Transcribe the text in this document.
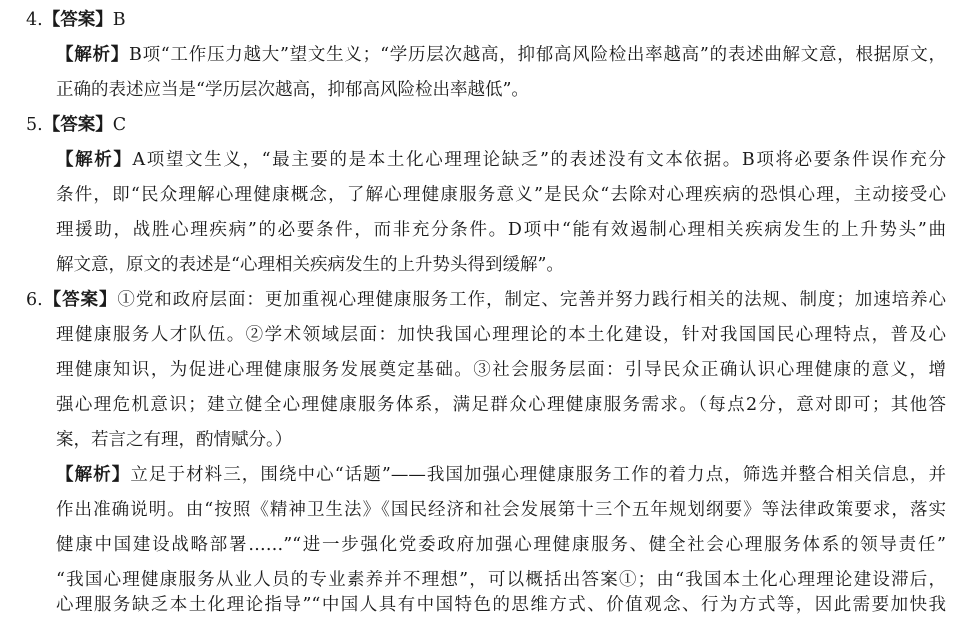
4.【答案】B
【解析】B项“工作压力越大”望文生义；“学历层次越高，抑郁高风险检出率越高”的表述曲解文意，根据原文，
正确的表述应当是“学历层次越高，抑郁高风险检出率越低”。
5.【答案】C
【解析】A项望文生义，“最主要的是本土化心理理论缺乏”的表述没有文本依据。B项将必要条件误作充分
条件，即“民众理解心理健康概念，了解心理健康服务意义”是民众“去除对心理疾病的恐惧心理，主动接受心
理援助，战胜心理疾病”的必要条件，而非充分条件。D项中“能有效遏制心理相关疾病发生的上升势头”曲
解文意，原文的表述是“心理相关疾病发生的上升势头得到缓解”。
6.【答案】①党和政府层面：更加重视心理健康服务工作，制定、完善并努力践行相关的法规、制度；加速培养心
理健康服务人才队伍。②学术领域层面：加快我国心理理论的本土化建设，针对我国国民心理特点，普及心
理健康知识，为促进心理健康服务发展奠定基础。③社会服务层面：引导民众正确认识心理健康的意义，增
强心理危机意识；建立健全心理健康服务体系，满足群众心理健康服务需求。（每点2分，意对即可；其他答
案，若言之有理，酌情赋分。）
【解析】立足于材料三，围绕中心“话题”——我国加强心理健康服务工作的着力点，筛选并整合相关信息，并
作出准确说明。由“按照《精神卫生法》《国民经济和社会发展第十三个五年规划纲要》等法律政策要求，落实
健康中国建设战略部署……”“进一步强化党委政府加强心理健康服务、健全社会心理服务体系的领导责任”
“我国心理健康服务从业人员的专业素养并不理想”，可以概括出答案①；由“我国本土化心理理论建设滞后，
心理服务缺乏本土化理论指导”“中国人具有中国特色的思维方式、价值观念、行为方式等，因此需要加快我
